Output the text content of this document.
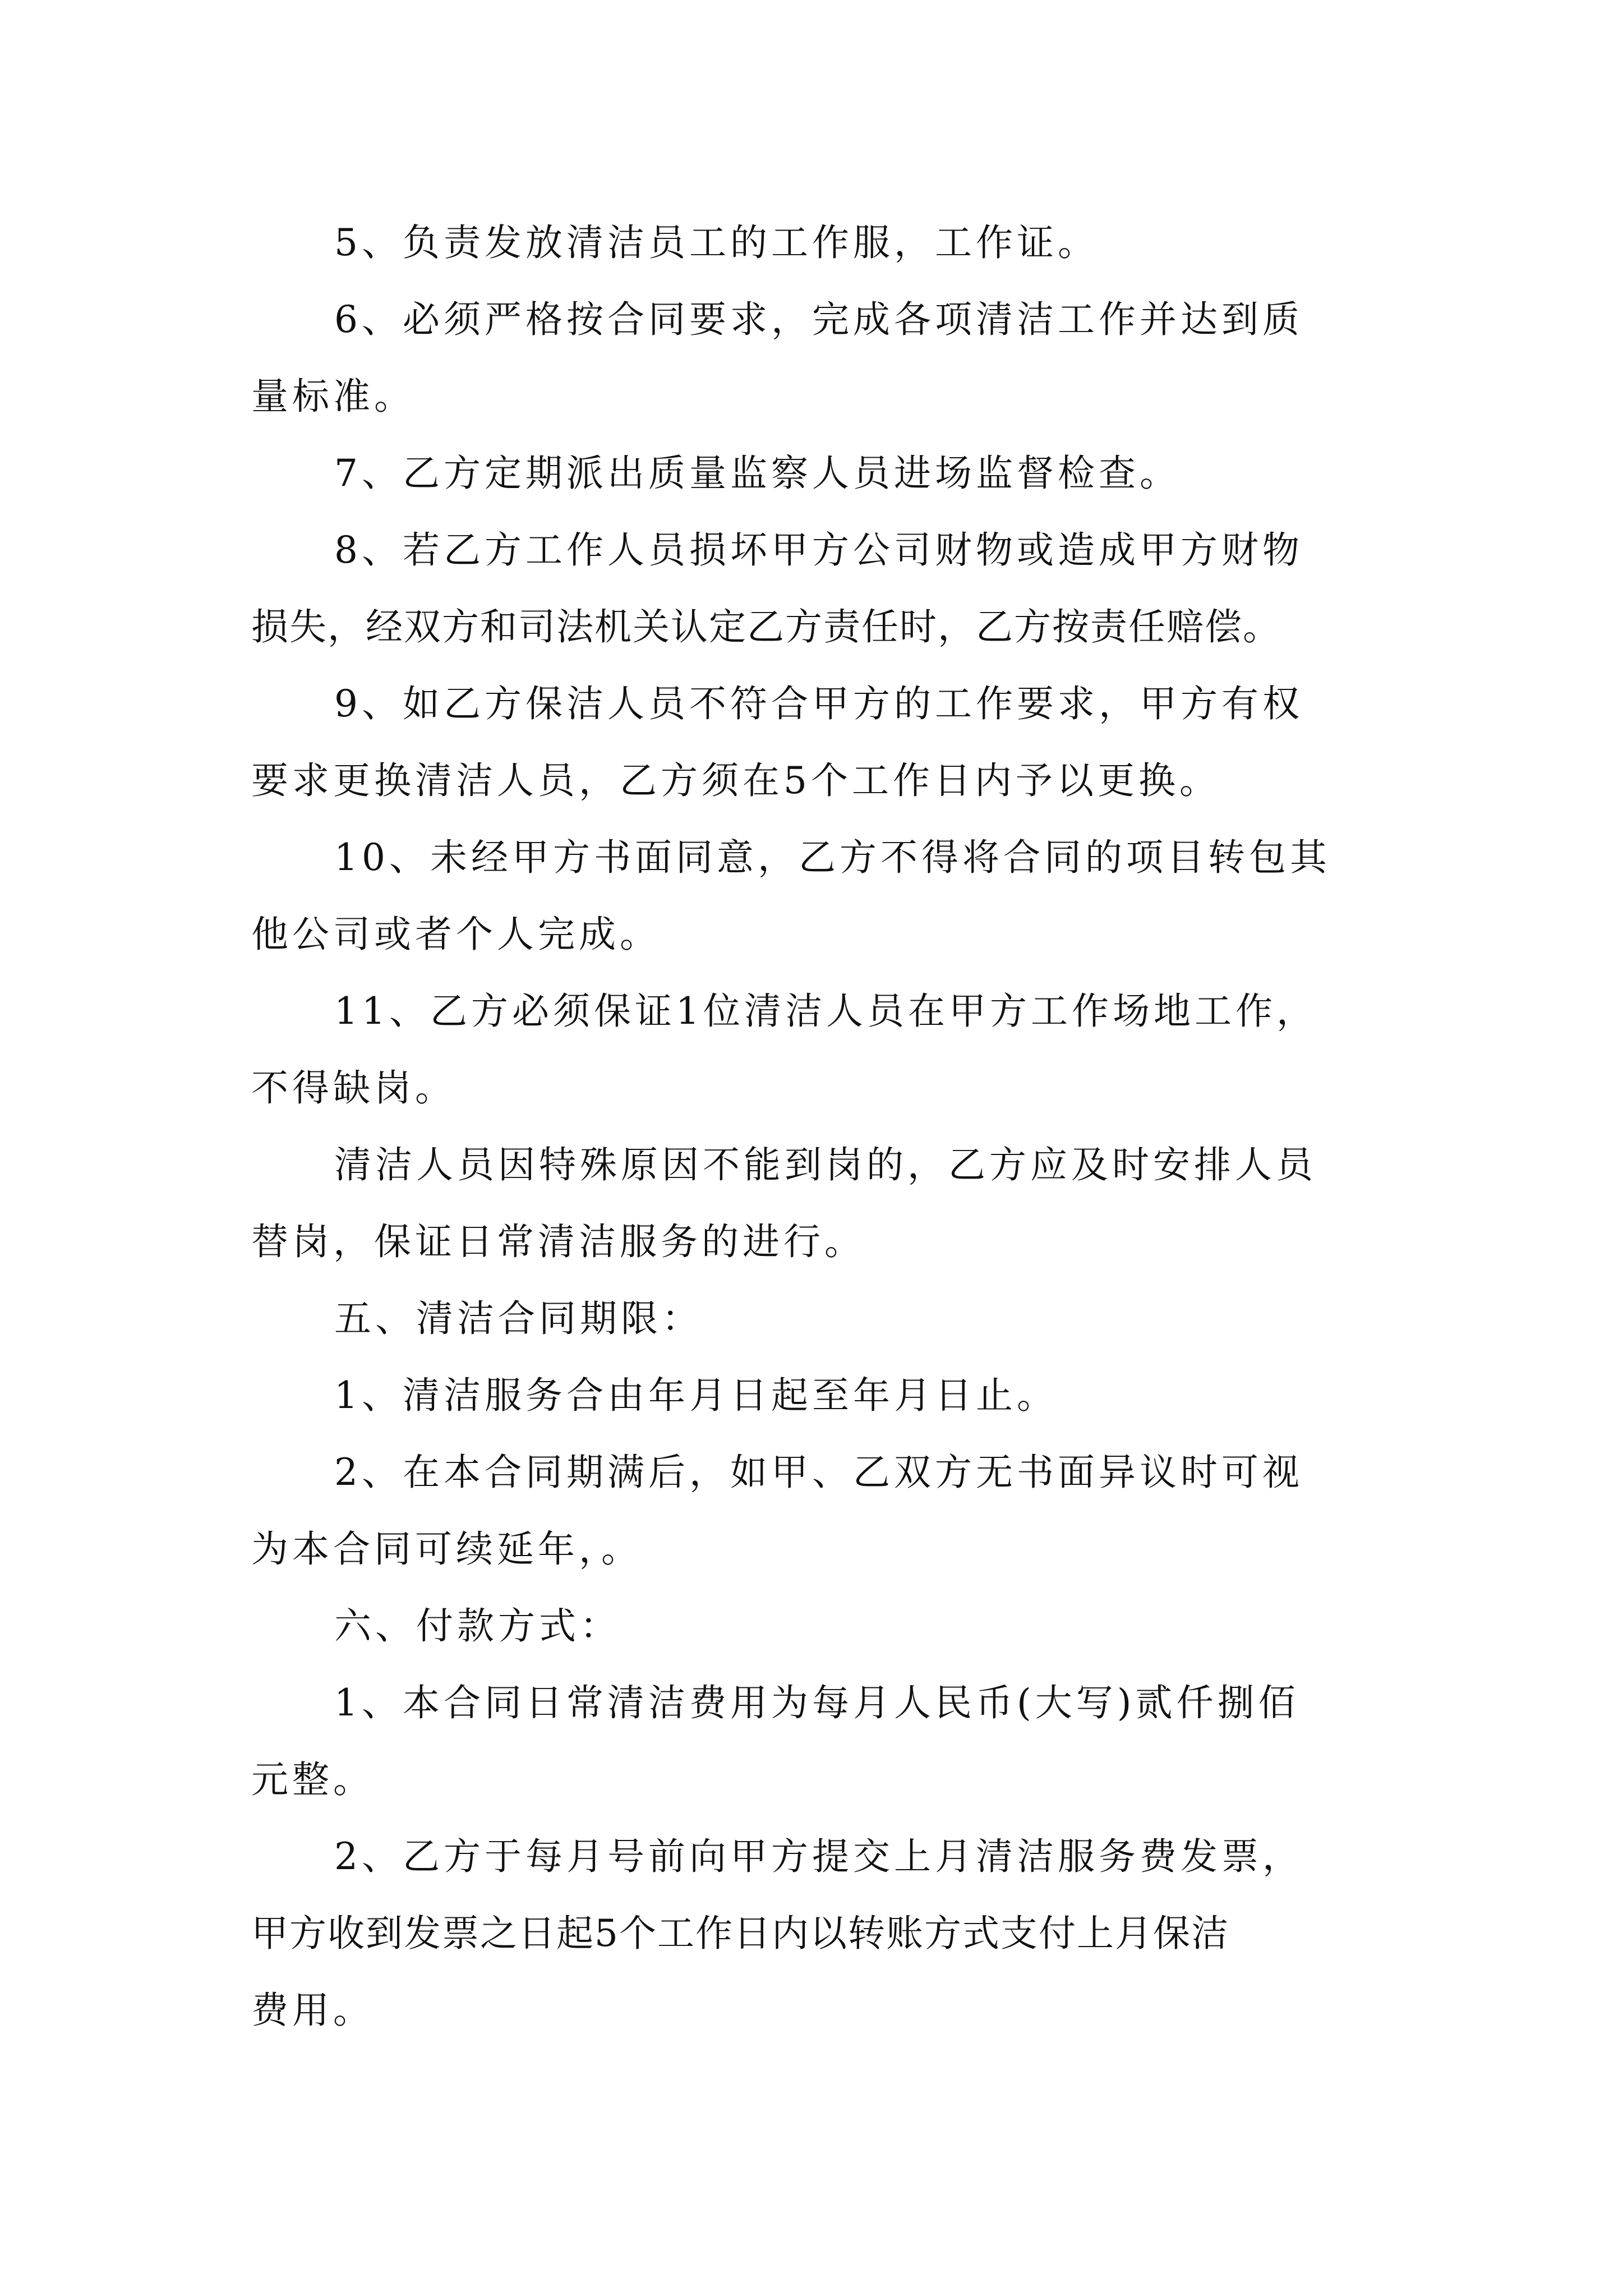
5、负责发放清洁员工的工作服，工作证。

6、必须严格按合同要求，完成各项清洁工作并达到质

量标准。

7、乙方定期派出质量监察人员进场监督检查。

8、若乙方工作人员损坏甲方公司财物或造成甲方财物

损失，经双方和司法机关认定乙方责任时，乙方按责任赔偿。

9、如乙方保洁人员不符合甲方的工作要求，甲方有权

要求更换清洁人员，乙方须在5个工作日内予以更换。

10、未经甲方书面同意，乙方不得将合同的项目转包其

他公司或者个人完成。

11、乙方必须保证1位清洁人员在甲方工作场地工作，

不得缺岗。

清洁人员因特殊原因不能到岗的，乙方应及时安排人员

替岗，保证日常清洁服务的进行。

五、清洁合同期限：

1、清洁服务合由年月日起至年月日止。

2、在本合同期满后，如甲、乙双方无书面异议时可视

为本合同可续延年，。

六、付款方式：

1、本合同日常清洁费用为每月人民币(大写)贰仟捌佰

元整。

2、乙方于每月号前向甲方提交上月清洁服务费发票，

甲方收到发票之日起5个工作日内以转账方式支付上月保洁

费用。
